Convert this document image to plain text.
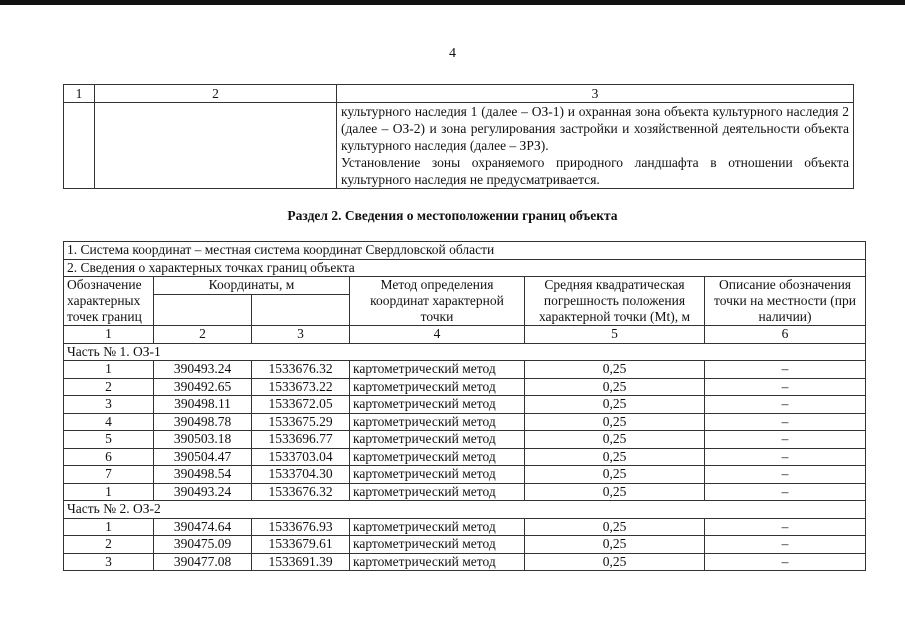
4
1	2	3

		культурного наследия 1 (далее – ОЗ-1) и охранная зона объекта культурного наследия 2 (далее – ОЗ-2) и зона регулирования застройки и хозяйственной деятельности объекта культурного наследия (далее – ЗРЗ).

Установление зоны охраняемого природного ландшафта в отношении объекта культурного наследия не предусматривается.

Раздел 2. Сведения о местоположении границ объекта
1. Система координат – местная система координат Свердловской области					
2. Сведения о характерных точках границ объекта					
Обозначение характерных точек границ	Координаты, м		Метод определения координат характерной точки	Средняя квадратическая погрешность положения характерной точки (Mt), м	Описание обозначения точки на местности (при наличии)

1	2	3	4	5	6
Часть № 1. ОЗ-1					
1	390493.24	1533676.32	картометрический метод	0,25	–
2	390492.65	1533673.22	картометрический метод	0,25	–
3	390498.11	1533672.05	картометрический метод	0,25	–
4	390498.78	1533675.29	картометрический метод	0,25	–
5	390503.18	1533696.77	картометрический метод	0,25	–
6	390504.47	1533703.04	картометрический метод	0,25	–
7	390498.54	1533704.30	картометрический метод	0,25	–
1	390493.24	1533676.32	картометрический метод	0,25	–
Часть № 2. ОЗ-2					
1	390474.64	1533676.93	картометрический метод	0,25	–
2	390475.09	1533679.61	картометрический метод	0,25	–
3	390477.08	1533691.39	картометрический метод	0,25	–
